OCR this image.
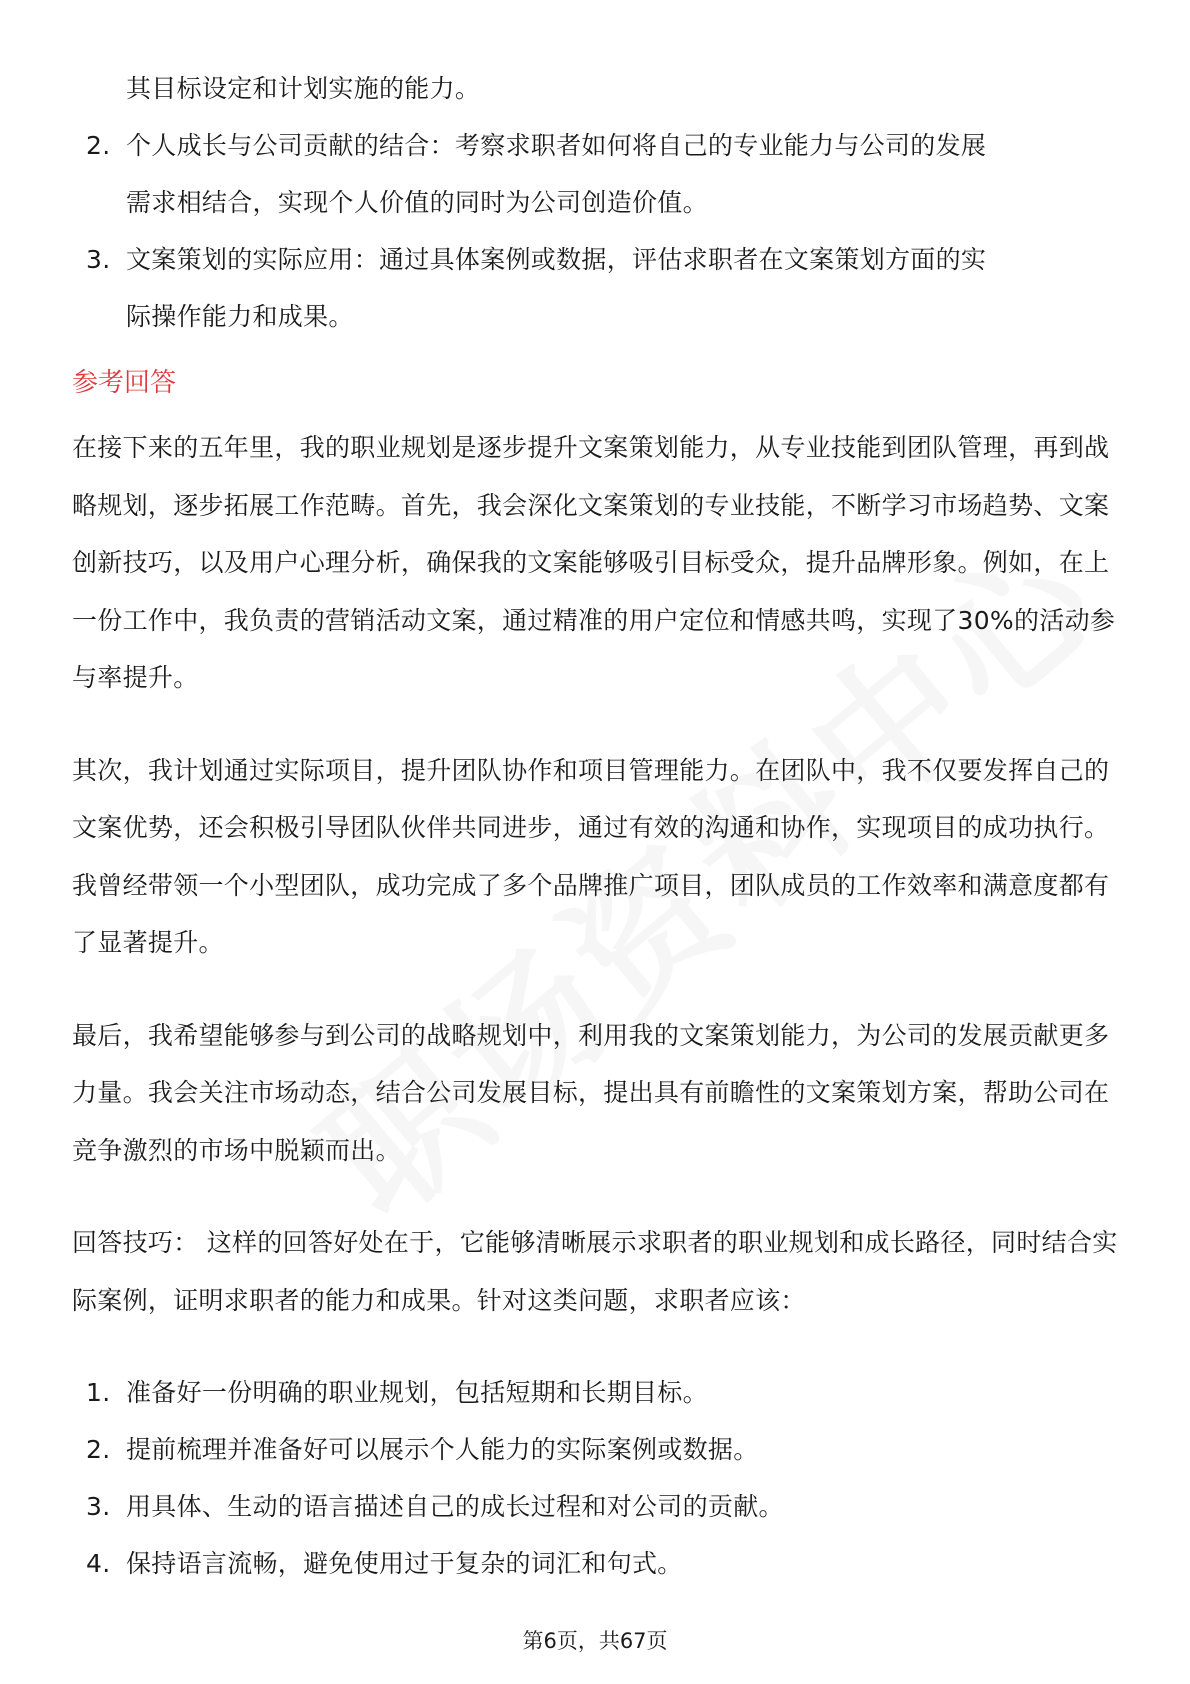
其目标设定和计划实施的能力。
2. 个人成长与公司贡献的结合：考察求职者如何将自己的专业能力与公司的发展
需求相结合，实现个人价值的同时为公司创造价值。
3. 文案策划的实际应用：通过具体案例或数据，评估求职者在文案策划方面的实
际操作能力和成果。
参考回答

在接下来的五年里，我的职业规划是逐步提升文案策划能力，从专业技能到团队管理，再到战略规划，逐步拓展工作范畴。首先，我会深化文案策划的专业技能，不断学习市场趋势、文案创新技巧，以及用户心理分析，确保我的文案能够吸引目标受众，提升品牌形象。例如，在上一份工作中，我负责的营销活动文案，通过精准的用户定位和情感共鸣，实现了30%的活动参与率提升。

其次，我计划通过实际项目，提升团队协作和项目管理能力。在团队中，我不仅要发挥自己的文案优势，还会积极引导团队伙伴共同进步，通过有效的沟通和协作，实现项目的成功执行。我曾经带领一个小型团队，成功完成了多个品牌推广项目，团队成员的工作效率和满意度都有了显著提升。

最后，我希望能够参与到公司的战略规划中，利用我的文案策划能力，为公司的发展贡献更多力量。我会关注市场动态，结合公司发展目标，提出具有前瞻性的文案策划方案，帮助公司在竞争激烈的市场中脱颖而出。

回答技巧： 这样的回答好处在于，它能够清晰展示求职者的职业规划和成长路径，同时结合实际案例，证明求职者的能力和成果。针对这类问题，求职者应该：

1. 准备好一份明确的职业规划，包括短期和长期目标。
2. 提前梳理并准备好可以展示个人能力的实际案例或数据。
3. 用具体、生动的语言描述自己的成长过程和对公司的贡献。
4. 保持语言流畅，避免使用过于复杂的词汇和句式。
第6页，共67页
